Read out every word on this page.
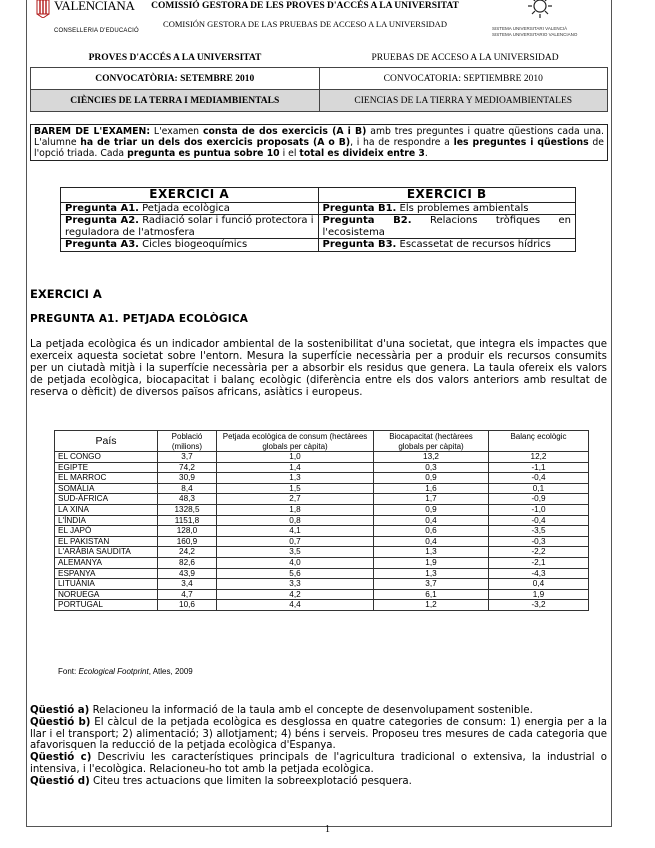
VALENCIANA
CONSELLERIA D'EDUCACIÓ
COMISSIÓ GESTORA DE LES PROVES D'ACCÉS A LA UNIVERSITAT
COMISIÓN GESTORA DE LAS PRUEBAS DE ACCESO A LA UNIVERSIDAD	SISTEMA UNIVERSITARI VALENCIÀ
SISTEMA UNIVERSITARIO VALENCIANO
PROVES D'ACCÉS A LA UNIVERSITAT	PRUEBAS DE ACCESO A LA UNIVERSIDAD
CONVOCATÒRIA: SETEMBRE 2010	CONVOCATORIA: SEPTIEMBRE 2010
CIÈNCIES DE LA TERRA I MEDIAMBIENTALS	CIENCIAS DE LA TIERRA Y MEDIOAMBIENTALES
BAREM DE L'EXAMEN: L'examen consta de dos exercicis (A i B) amb tres preguntes i quatre qüestions cada una. L'alumne ha de triar un dels dos exercicis proposats (A o B), i ha de respondre a les preguntes i qüestions de l'opció triada. Cada pregunta es puntua sobre 10 i el total es divideix entre 3.
EXERCICI A	EXERCICI B
Pregunta A1. Petjada ecològica	Pregunta B1. Els problemes ambientals
Pregunta A2. Radiació solar i funció protectora i reguladora de l'atmosfera	Pregunta B2. Relacions tròfiques en l'ecosistema
Pregunta A3. Cicles biogeoquímics	Pregunta B3. Escassetat de recursos hídrics
EXERCICI A
PREGUNTA A1. PETJADA ECOLÒGICA
La petjada ecològica és un indicador ambiental de la sostenibilitat d'una societat, que integra els impactes que exerceix aquesta societat sobre l'entorn. Mesura la superfície necessària per a produir els recursos consumits per un ciutadà mitjà i la superfície necessària per a absorbir els residus que genera. La taula ofereix els valors de petjada ecològica, biocapacitat i balanç ecològic (diferència entre els dos valors anteriors amb resultat de reserva o dèficit) de diversos països africans, asiàtics i europeus.
País	Població (milions)	Petjada ecològica de consum (hectàrees globals per càpita)	Biocapacitat (hectàrees globals per càpita)	Balanç ecològic
EL CONGO	3,7	1,0	13,2	12,2
EGIPTE	74,2	1,4	0,3	-1,1
EL MARROC	30,9	1,3	0,9	-0,4
SOMÀLIA	8,4	1,5	1,6	0,1
SUD-ÀFRICA	48,3	2,7	1,7	-0,9
LA XINA	1328,5	1,8	0,9	-1,0
L'ÍNDIA	1151,8	0,8	0,4	-0,4
EL JAPÓ	128,0	4,1	0,6	-3,5
EL PAKISTAN	160,9	0,7	0,4	-0,3
L'ARÀBIA SAUDITA	24,2	3,5	1,3	-2,2
ALEMANYA	82,6	4,0	1,9	-2,1
ESPANYA	43,9	5,6	1,3	-4,3
LITUÀNIA	3,4	3,3	3,7	0,4
NORUEGA	4,7	4,2	6,1	1,9
PORTUGAL	10,6	4,4	1,2	-3,2
Font: Ecological Footprint, Atles, 2009

Qüestió a) Relacioneu la informació de la taula amb el concepte de desenvolupament sostenible.

Qüestió b) El càlcul de la petjada ecològica es desglossa en quatre categories de consum: 1) energia per a la llar i el transport; 2) alimentació; 3) allotjament; 4) béns i serveis. Proposeu tres mesures de cada categoria que afavorisquen la reducció de la petjada ecològica d'Espanya.

Qüestió c) Descriviu les característiques principals de l'agricultura tradicional o extensiva, la industrial o intensiva, i l'ecològica. Relacioneu-ho tot amb la petjada ecològica.

Qüestió d) Citeu tres actuacions que limiten la sobreexplotació pesquera.

1
